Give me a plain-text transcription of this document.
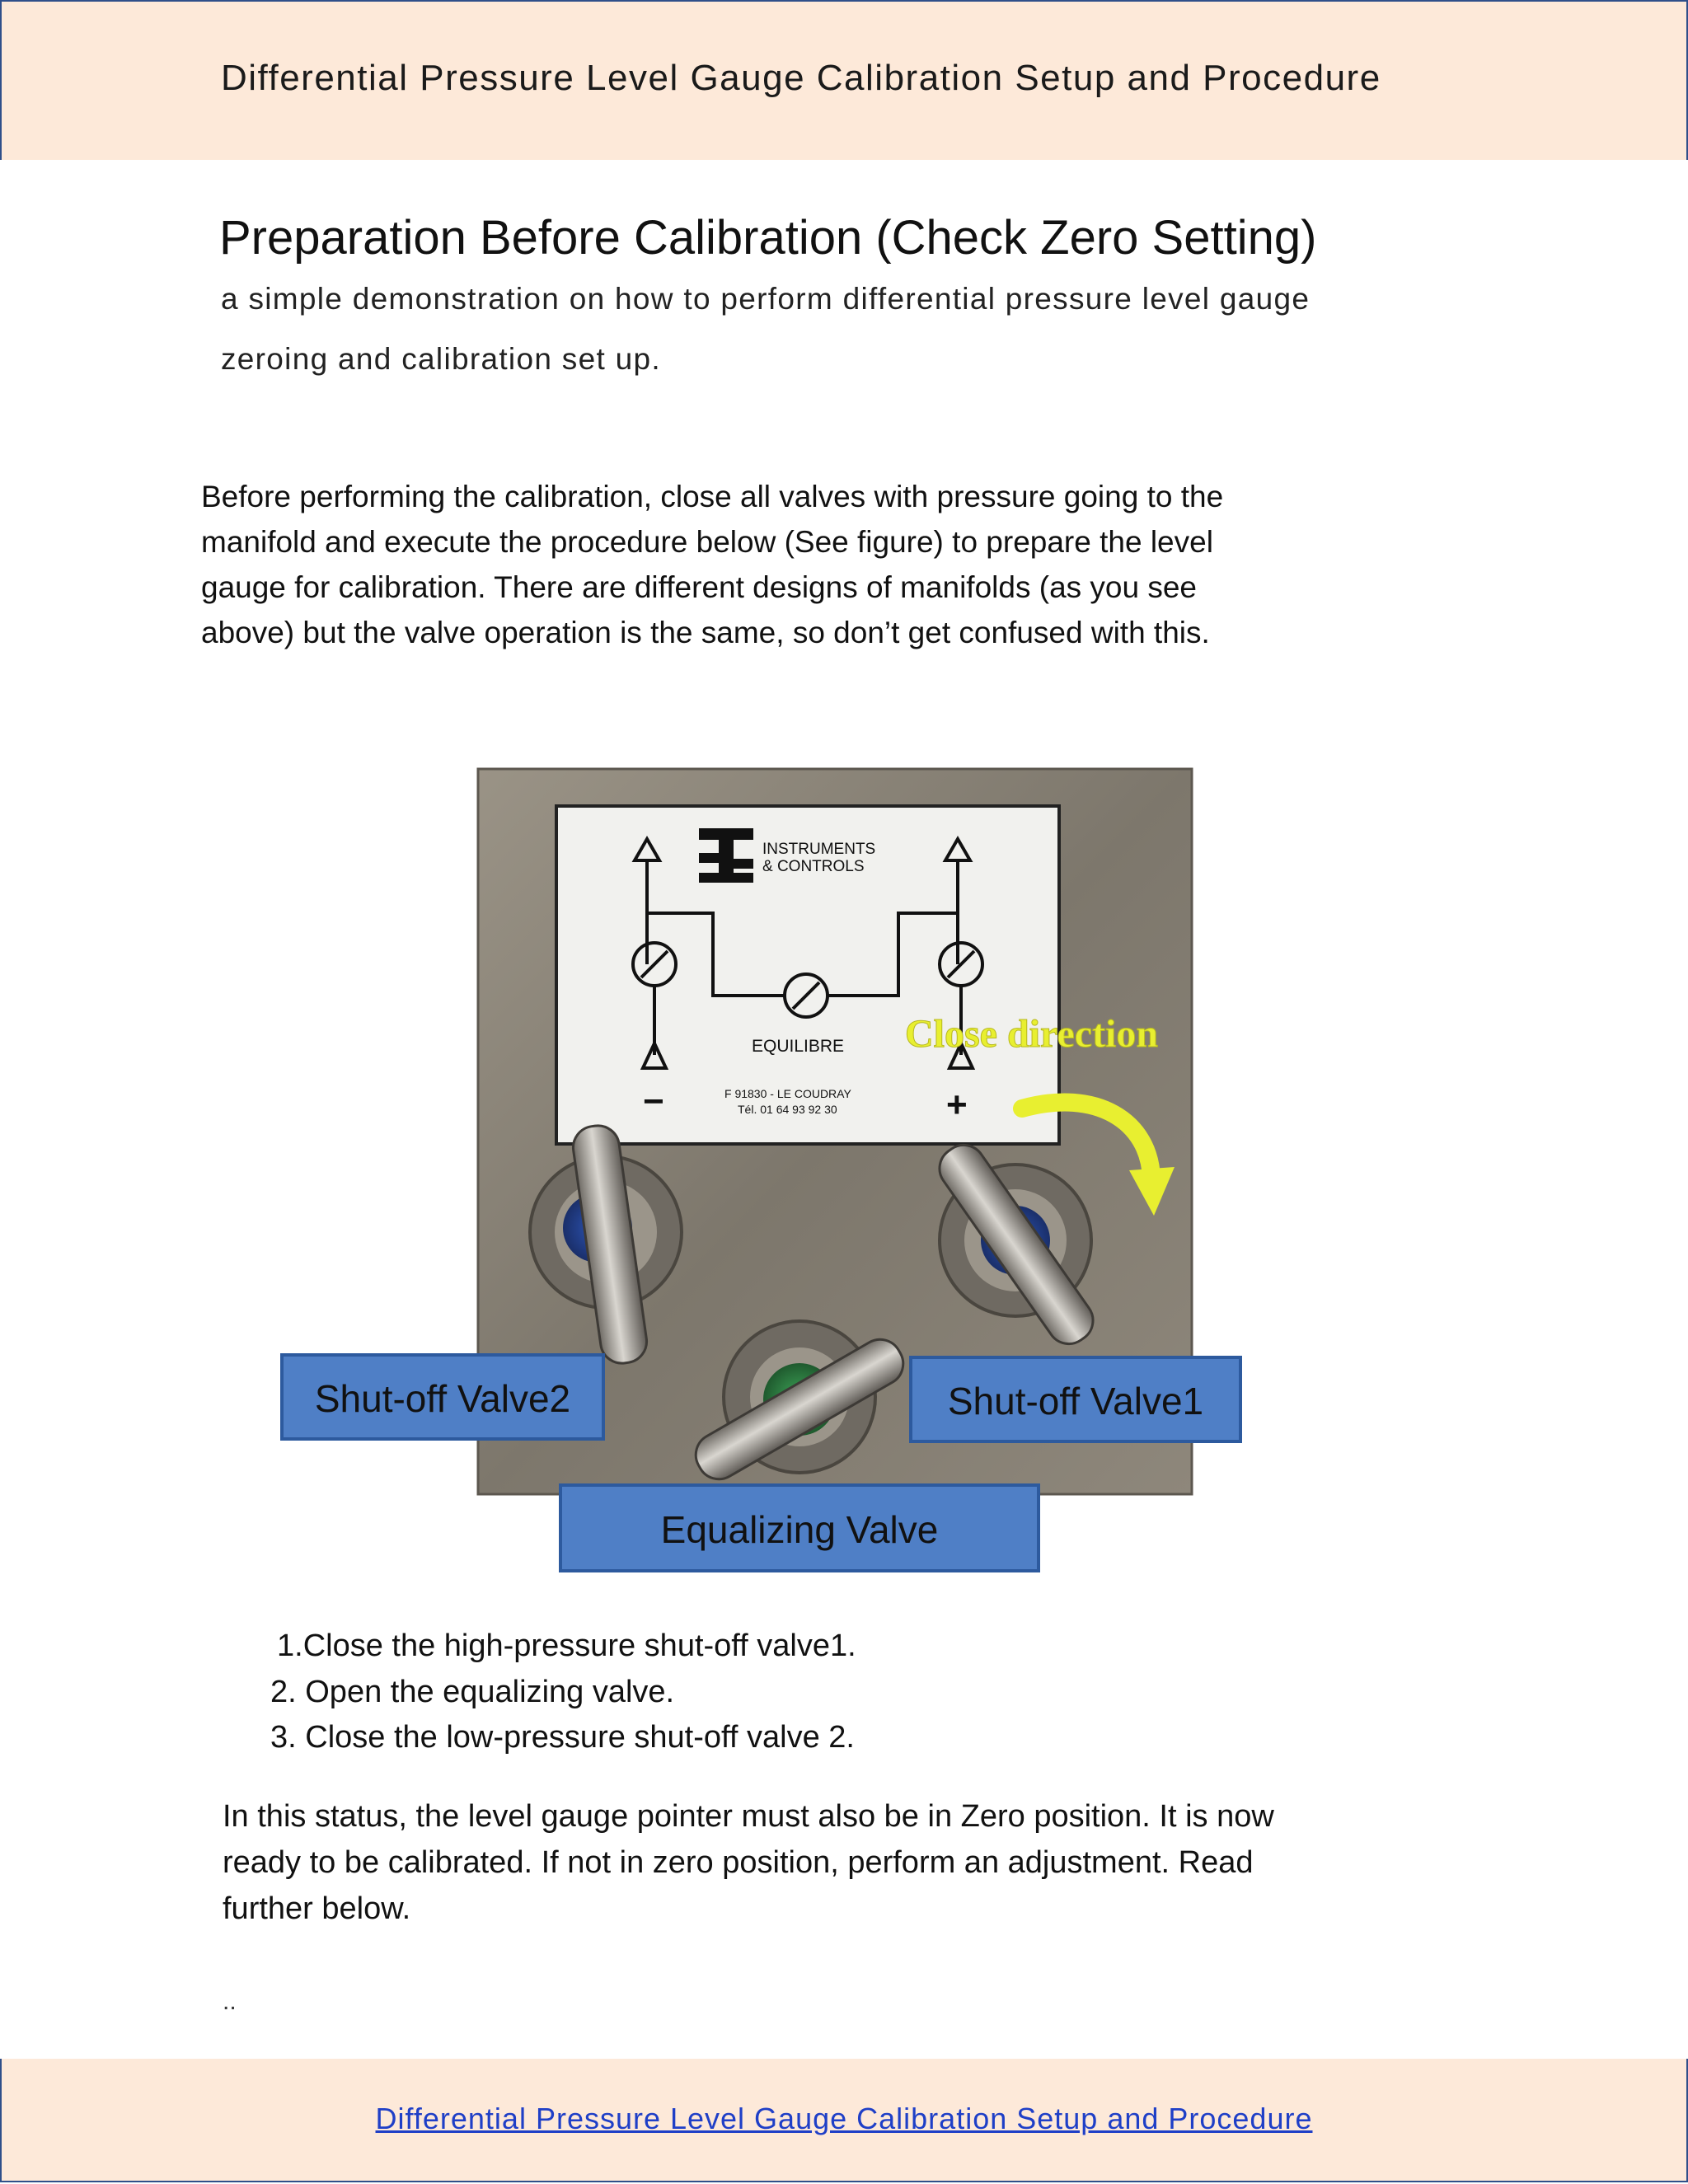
Differential Pressure Level Gauge Calibration Setup and Procedure
Preparation Before Calibration (Check Zero Setting)
a simple demonstration on how to perform differential pressure level gauge
zeroing and calibration set up.
Before performing the calibration, close all valves with pressure going to the
manifold and execute the procedure below (See figure) to prepare the level
gauge for calibration. There are different designs of manifolds (as you see
above) but the valve operation is the same, so don’t get confused with this.
INSTRUMENTS
& CONTROLS
EQUILIBRE
−	+
F 91830 - LE COUDRAY
Tél. 01 64 93 92 30
Close direction
Shut-off Valve2	Shut-off Valve1
Equalizing Valve
1.Close the high-pressure shut-off valve1.
2. Open the equalizing valve.
3. Close the low-pressure shut-off valve 2.
In this status, the level gauge pointer must also be in Zero position. It is now
ready to be calibrated. If not in zero position, perform an adjustment. Read
further below.
..
Differential Pressure Level Gauge Calibration Setup and Procedure
